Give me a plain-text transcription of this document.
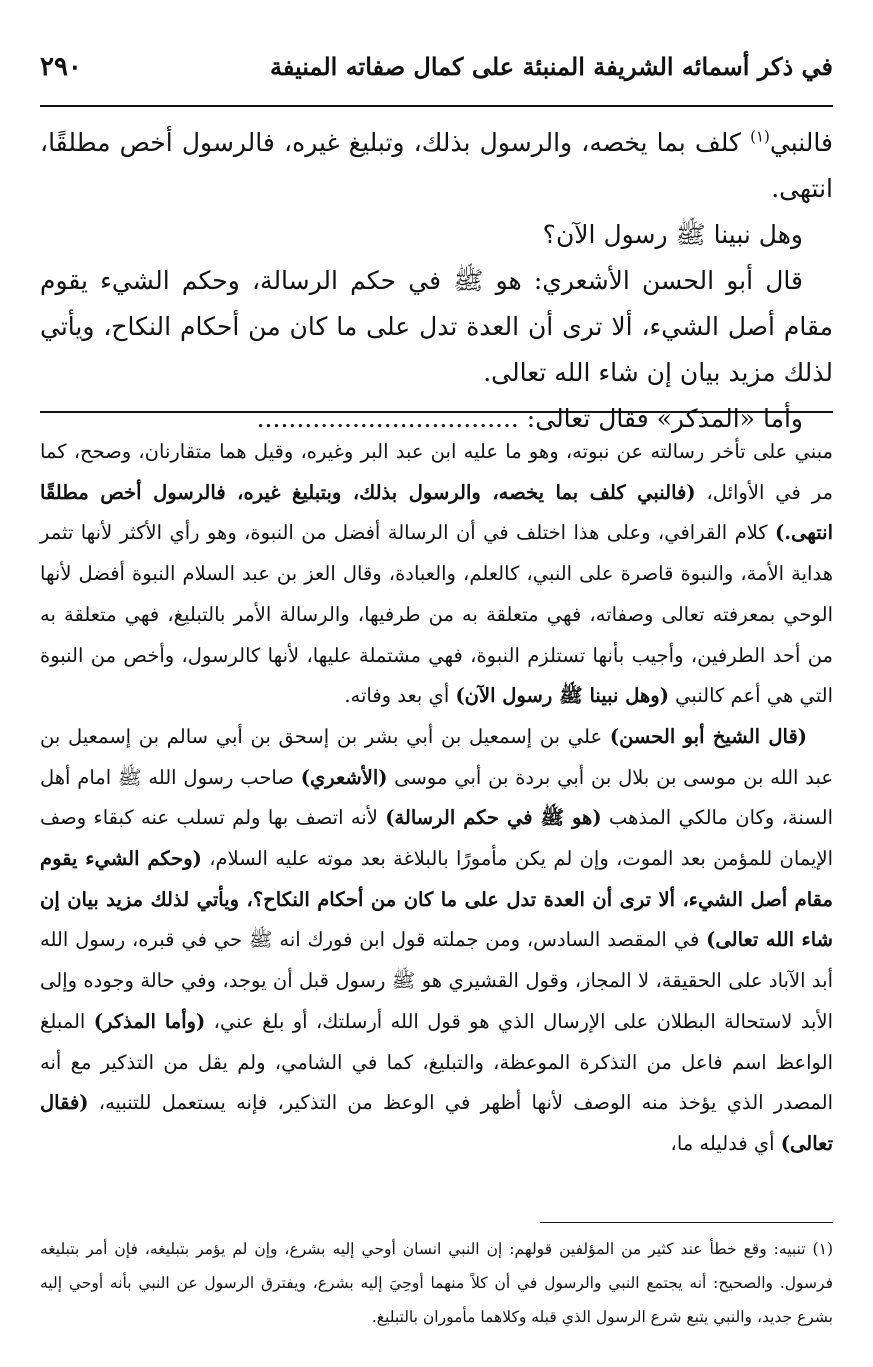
٢٩٠	في ذكر أسمائه الشريفة المنبئة على كمال صفاته المنيفة

فالنبي$^{(١)}$ كلف بما يخصه، والرسول بذلك، وتبليغ غيره، فالرسول أخص مطلقًا، انتهى.

وهل نبينا ﷺ رسول الآن؟

قال أبو الحسن الأشعري: هو ﷺ في حكم الرسالة، وحكم الشيء يقوم مقام أصل الشيء، ألا ترى أن العدة تدل على ما كان من أحكام النكاح، ويأتي لذلك مزيد بيان إن شاء الله تعالى.

وأما «المذكر» فقال تعالى: .................................

مبني على تأخر رسالته عن نبوته، وهو ما عليه ابن عبد البر وغيره، وقيل هما متقارنان، وصحح، كما مر في الأوائل، (فالنبي كلف بما يخصه، والرسول بذلك، وبتبليغ غيره، فالرسول أخص مطلقًا انتهى.) كلام القرافي، وعلى هذا اختلف في أن الرسالة أفضل من النبوة، وهو رأي الأكثر لأنها تثمر هداية الأمة، والنبوة قاصرة على النبي، كالعلم، والعبادة، وقال العز بن عبد السلام النبوة أفضل لأنها الوحي بمعرفته تعالى وصفاته، فهي متعلقة به من طرفيها، والرسالة الأمر بالتبليغ، فهي متعلقة به من أحد الطرفين، وأجيب بأنها تستلزم النبوة، فهي مشتملة عليها، لأنها كالرسول، وأخص من النبوة التي هي أعم كالنبي (وهل نبينا ﷺ رسول الآن) أي بعد وفاته.

(قال الشيخ أبو الحسن) علي بن إسمعيل بن أبي بشر بن إسحق بن أبي سالم بن إسمعيل بن عبد الله بن موسى بن بلال بن أبي بردة بن أبي موسى (الأشعري) صاحب رسول الله ﷺ امام أهل السنة، وكان مالكي المذهب (هو ﷺ في حكم الرسالة) لأنه اتصف بها ولم تسلب عنه كبقاء وصف الإيمان للمؤمن بعد الموت، وإن لم يكن مأمورًا بالبلاغة بعد موته عليه السلام، (وحكم الشيء يقوم مقام أصل الشيء، ألا ترى أن العدة تدل على ما كان من أحكام النكاح؟، ويأتي لذلك مزيد بيان إن شاء الله تعالى) في المقصد السادس، ومن جملته قول ابن فورك انه ﷺ حي في قبره، رسول الله أبد الآباد على الحقيقة، لا المجاز، وقول القشيري هو ﷺ رسول قبل أن يوجد، وفي حالة وجوده وإلى الأبد لاستحالة البطلان على الإرسال الذي هو قول الله أرسلتك، أو بلغ عني، (وأما المذكر) المبلغ الواعظ اسم فاعل من التذكرة الموعظة، والتبليغ، كما في الشامي، ولم يقل من التذكير مع أنه المصدر الذي يؤخذ منه الوصف لأنها أظهر في الوعظ من التذكير، فإنه يستعمل للتنبيه، (فقال تعالى) أي فدليله ما،

(١) تنبيه: وقع خطأ عند كثير من المؤلفين قولهم: إن النبي انسان أوحي إليه بشرع، وإن لم يؤمر بتبليغه، فإن أمر بتبليغه فرسول. والصحيح: أنه يجتمع النبي والرسول في أن كلاً منهما أوحِيَ إليه بشرع، ويفترق الرسول عن النبي بأنه أوحي إليه بشرع جديد، والنبي يتبع شرع الرسول الذي قبله وكلاهما مأموران بالتبليغ.
